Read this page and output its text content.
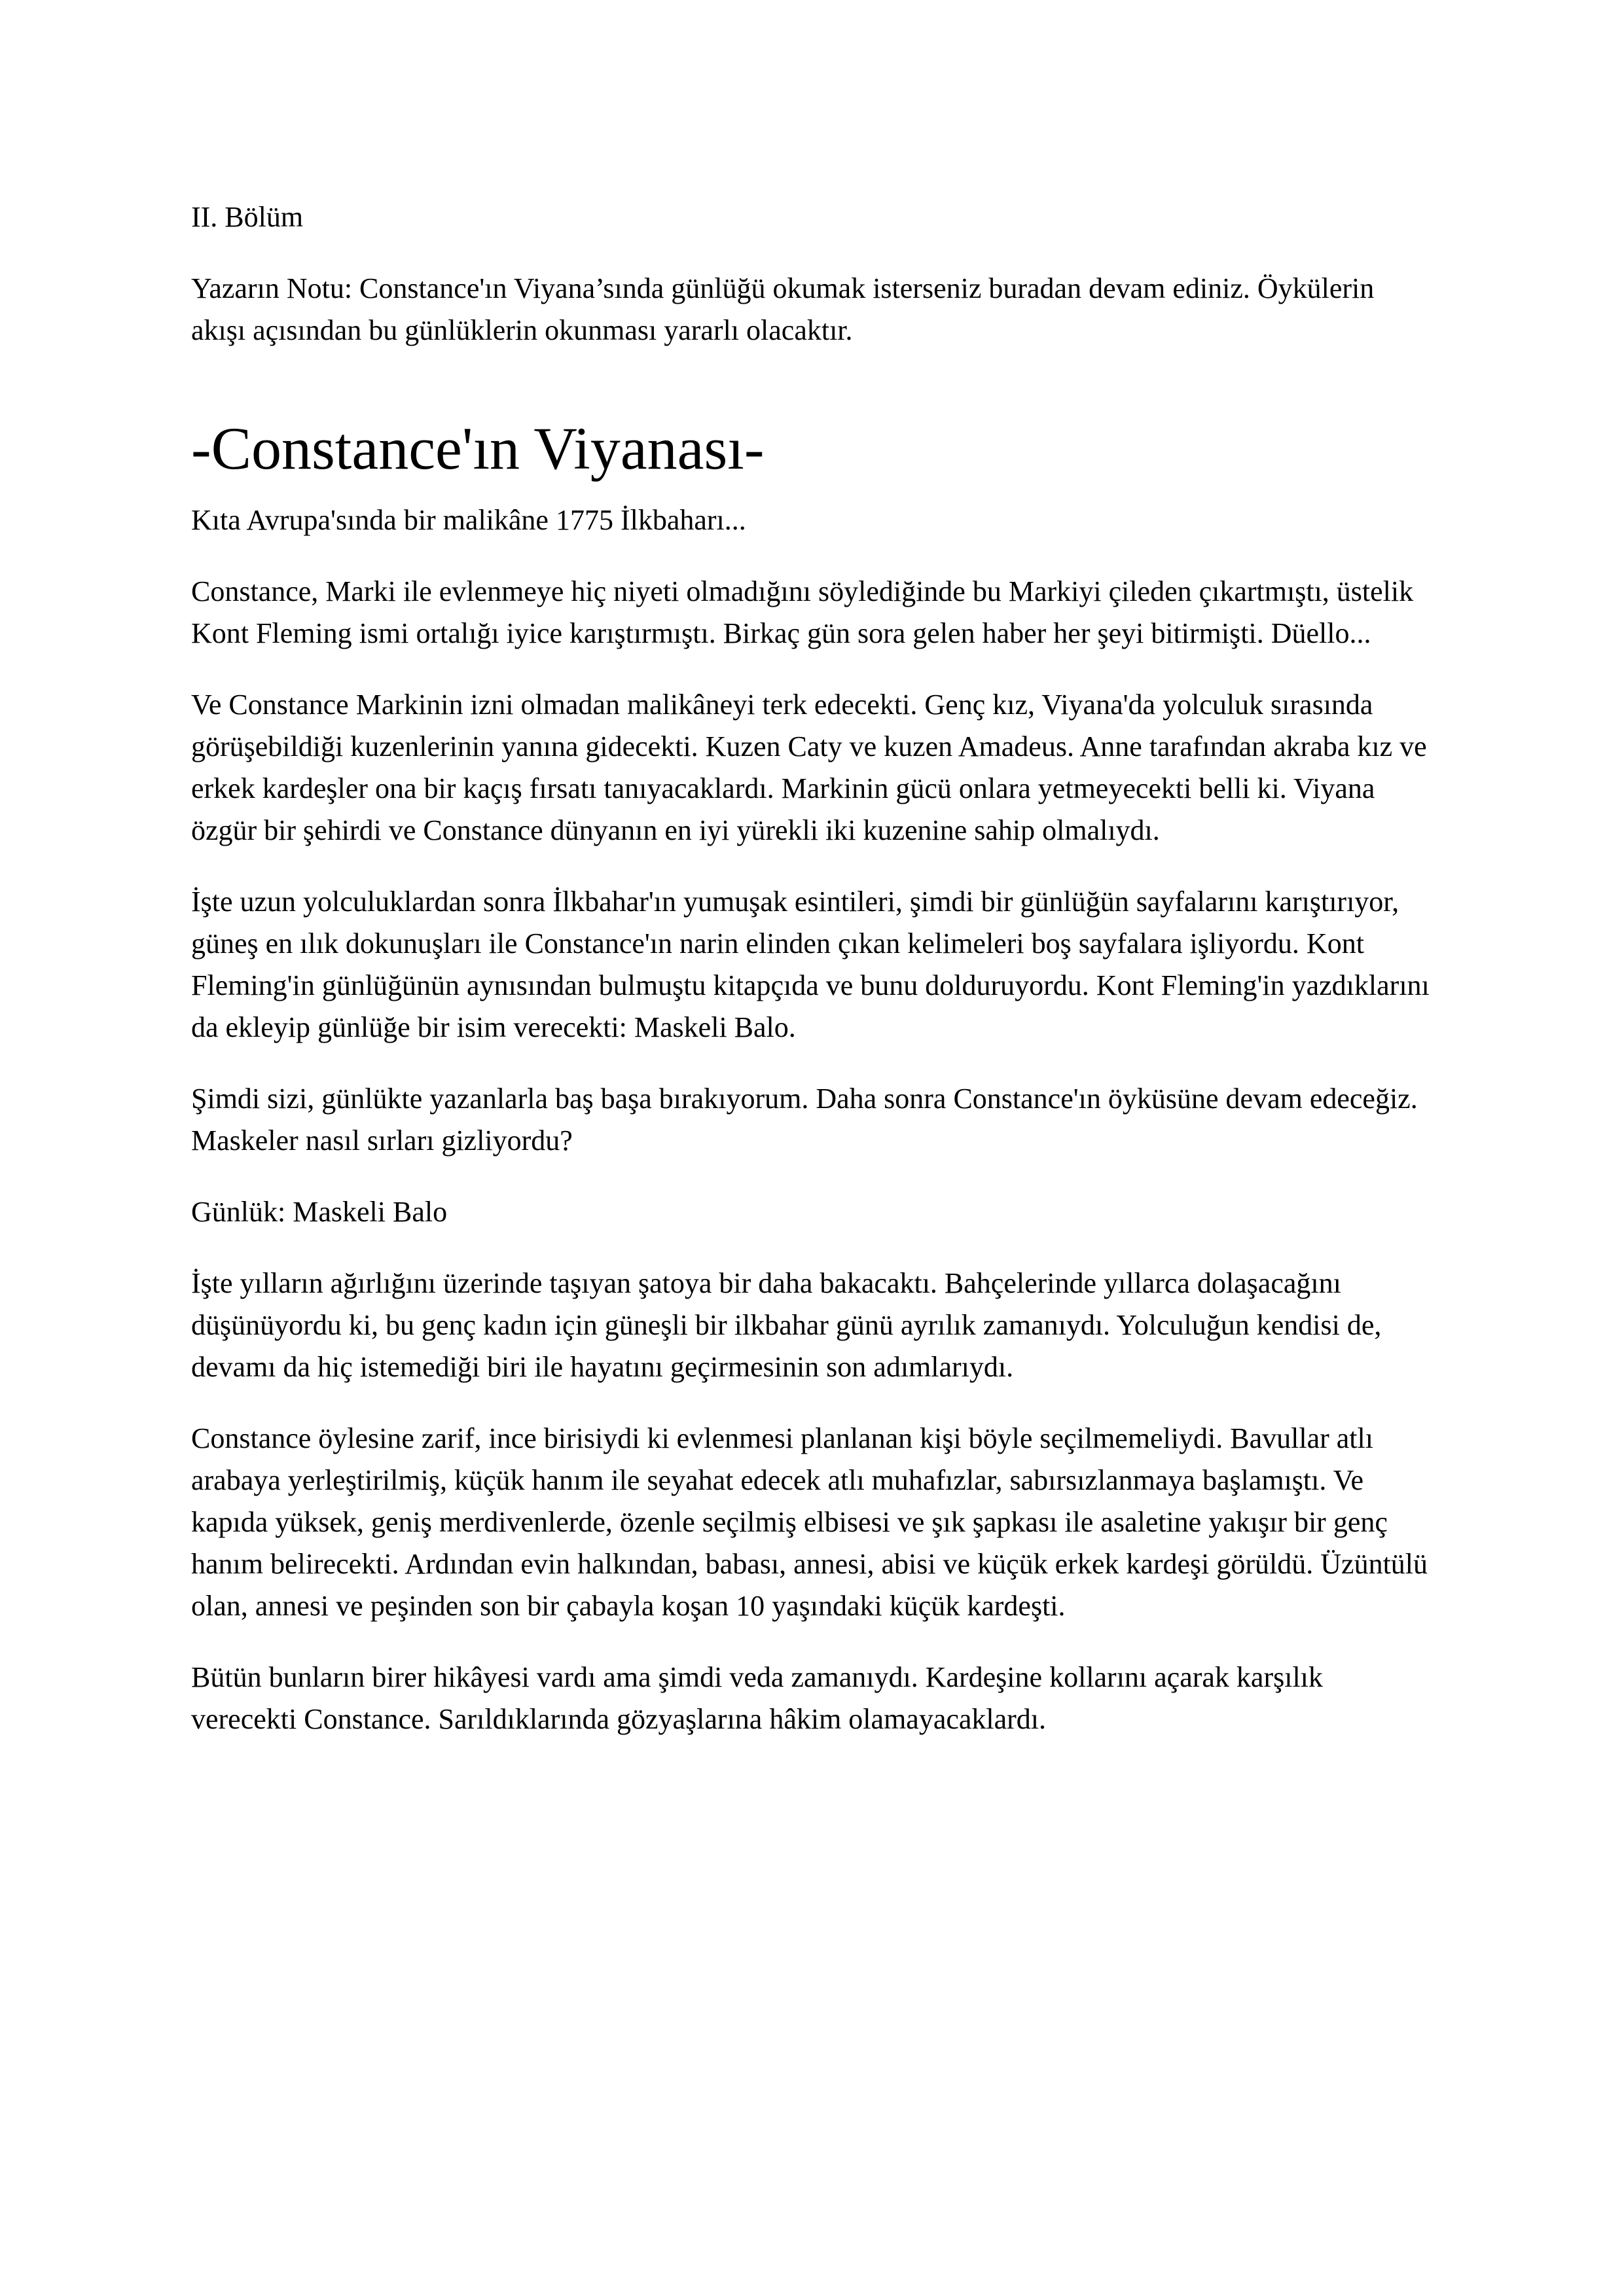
II. Bölüm

Yazarın Notu: Constance'ın Viyana’sında günlüğü okumak isterseniz buradan devam ediniz. Öykülerin akışı açısından bu günlüklerin okunması yararlı olacaktır.

-Constance'ın Viyanası-

Kıta Avrupa'sında bir malikâne 1775 İlkbaharı...

Constance, Marki ile evlenmeye hiç niyeti olmadığını söylediğinde bu Markiyi çileden çıkartmıştı, üstelik Kont Fleming ismi ortalığı iyice karıştırmıştı. Birkaç gün sora gelen haber her şeyi bitirmişti. Düello...

Ve Constance Markinin izni olmadan malikâneyi terk edecekti. Genç kız, Viyana'da yolculuk sırasında görüşebildiği kuzenlerinin yanına gidecekti. Kuzen Caty ve kuzen Amadeus. Anne tarafından akraba kız ve erkek kardeşler ona bir kaçış fırsatı tanıyacaklardı. Markinin gücü onlara yetmeyecekti belli ki. Viyana özgür bir şehirdi ve Constance dünyanın en iyi yürekli iki kuzenine sahip olmalıydı.

İşte uzun yolculuklardan sonra İlkbahar'ın yumuşak esintileri, şimdi bir günlüğün sayfalarını karıştırıyor, güneş en ılık dokunuşları ile Constance'ın narin elinden çıkan kelimeleri boş sayfalara işliyordu. Kont Fleming'in günlüğünün aynısından bulmuştu kitapçıda ve bunu dolduruyordu. Kont Fleming'in yazdıklarını da ekleyip günlüğe bir isim verecekti: Maskeli Balo.

Şimdi sizi, günlükte yazanlarla baş başa bırakıyorum. Daha sonra Constance'ın öyküsüne devam edeceğiz. Maskeler nasıl sırları gizliyordu?

Günlük: Maskeli Balo

İşte yılların ağırlığını üzerinde taşıyan şatoya bir daha bakacaktı. Bahçelerinde yıllarca dolaşacağını düşünüyordu ki, bu genç kadın için güneşli bir ilkbahar günü ayrılık zamanıydı. Yolculuğun kendisi de, devamı da hiç istemediği biri ile hayatını geçirmesinin son adımlarıydı.

Constance öylesine zarif, ince birisiydi ki evlenmesi planlanan kişi böyle seçilmemeliydi. Bavullar atlı arabaya yerleştirilmiş, küçük hanım ile seyahat edecek atlı muhafızlar, sabırsızlanmaya başlamıştı. Ve kapıda yüksek, geniş merdivenlerde, özenle seçilmiş elbisesi ve şık şapkası ile asaletine yakışır bir genç hanım belirecekti. Ardından evin halkından, babası, annesi, abisi ve küçük erkek kardeşi görüldü. Üzüntülü olan, annesi ve peşinden son bir çabayla koşan 10 yaşındaki küçük kardeşti.

Bütün bunların birer hikâyesi vardı ama şimdi veda zamanıydı. Kardeşine kollarını açarak karşılık verecekti Constance. Sarıldıklarında gözyaşlarına hâkim olamayacaklardı.
